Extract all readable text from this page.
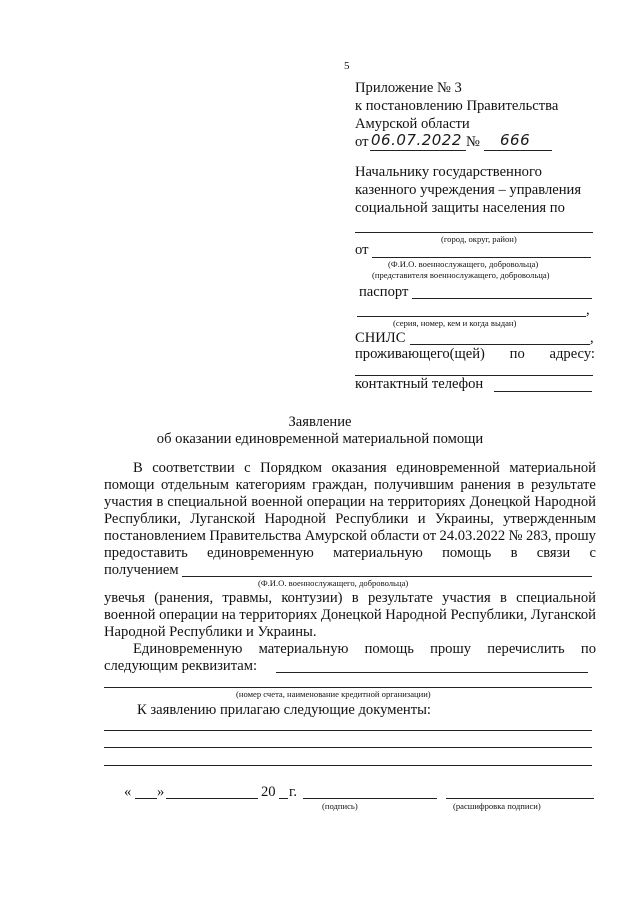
5
Приложение № 3
к постановлению Правительства
Амурской области
от 06.07.2022 № 666
Начальнику государственного
казенного учреждения – управления
социальной защиты населения по
(город, округ, район)
от
(Ф.И.О. военнослужащего, добровольца)
(представителя военнослужащего, добровольца)
паспорт
,
(серия, номер, кем и когда выдан)
СНИЛС	,
проживающего(щей) по адресу:
контактный телефон
Заявление
об оказании единовременной материальной помощи
В соответствии с Порядком оказания единовременной материальной
помощи отдельным категориям граждан, получившим ранения в результате
участия в специальной военной операции на территориях Донецкой Народной
Республики, Луганской Народной Республики и Украины, утвержденным
постановлением Правительства Амурской области от 24.03.2022 № 283, прошу
предоставить единовременную материальную помощь в связи с
получением
(Ф.И.О. военнослужащего, добровольца)
увечья (ранения, травмы, контузии) в результате участия в специальной
военной операции на территориях Донецкой Народной Республики, Луганской
Народной Республики и Украины.
Единовременную материальную помощь прошу перечислить по
следующим реквизитам:
(номер счета, наименование кредитной организации)
К заявлению прилагаю следующие документы:
« »	20 г.
(подпись)	(расшифровка подписи)
